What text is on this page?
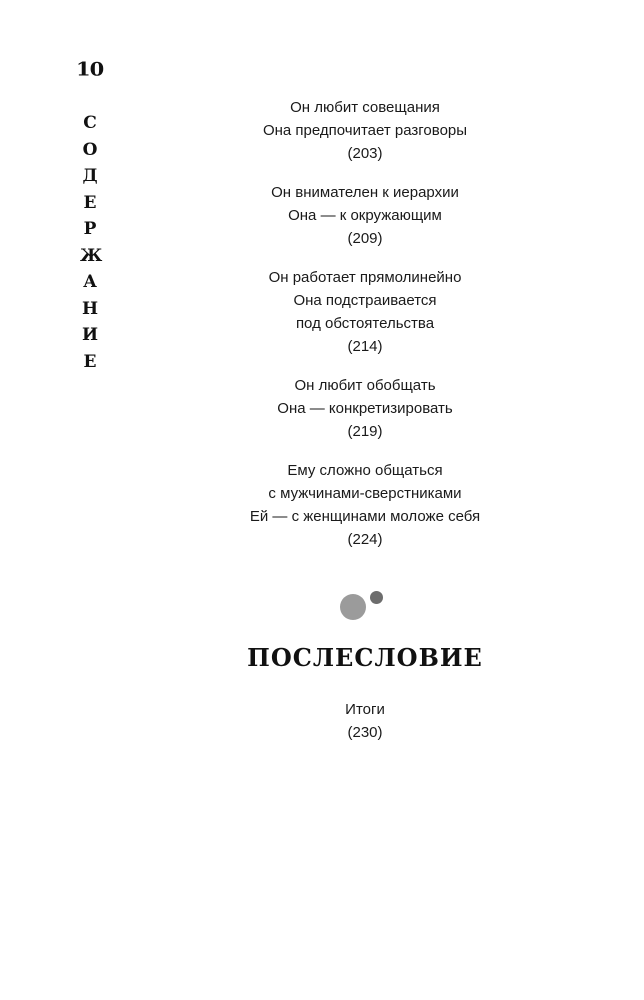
10
СОДЕРЖАНИЕ
Он любит совещания
Она предпочитает разговоры
(203)
Он внимателен к иерархии
Она — к окружающим
(209)
Он работает прямолинейно
Она подстраивается
под обстоятельства
(214)
Он любит обобщать
Она — конкретизировать
(219)
Ему сложно общаться
с мужчинами-сверстниками
Ей — с женщинами моложе себя
(224)
ПОСЛЕСЛОВИЕ
Итоги
(230)
